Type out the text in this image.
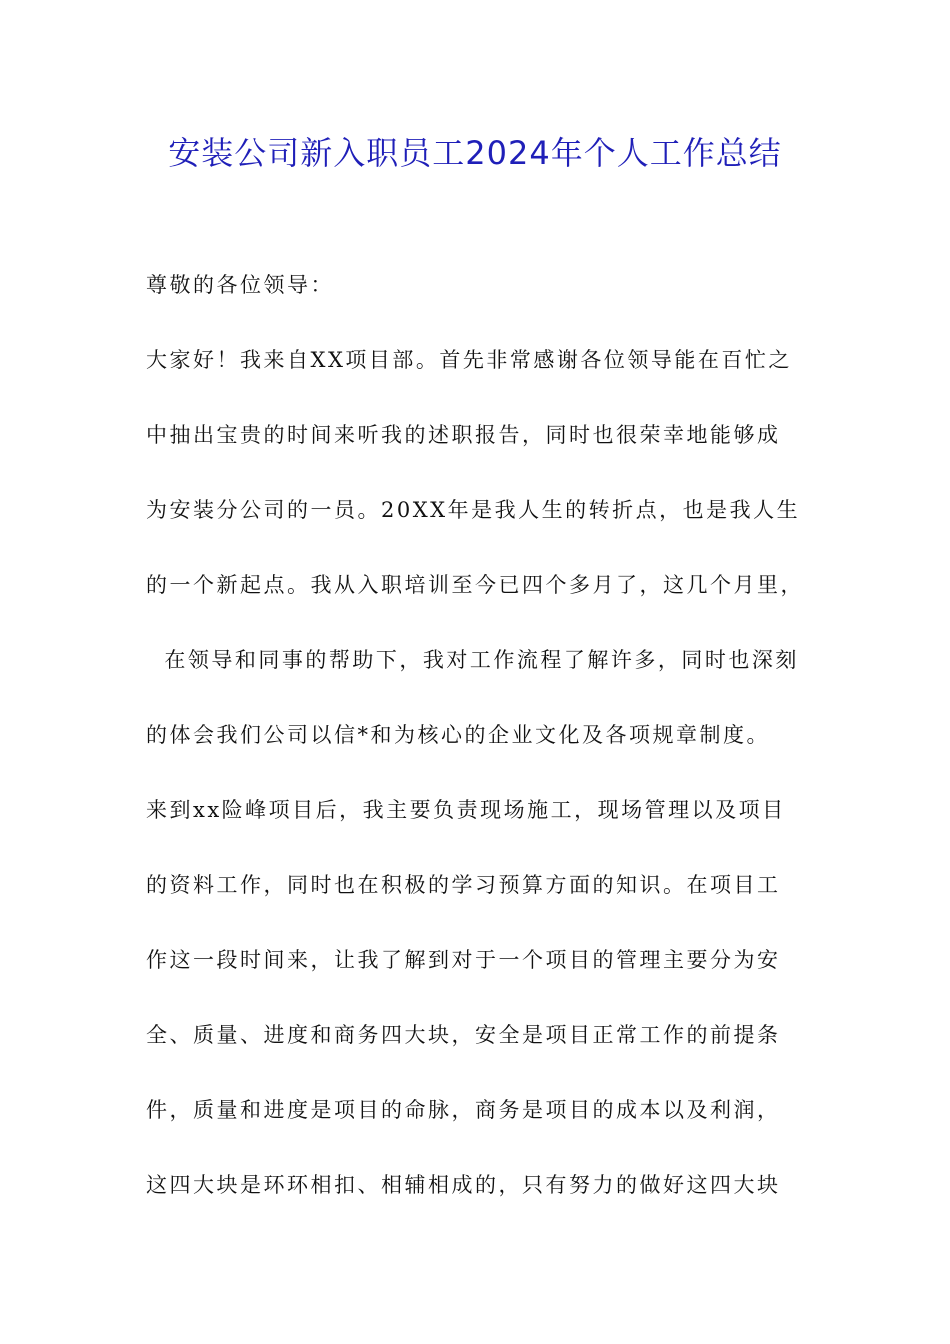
安装公司新入职员工2024年个人工作总结
尊敬的各位领导：
大家好！我来自XX项目部。首先非常感谢各位领导能在百忙之
中抽出宝贵的时间来听我的述职报告，同时也很荣幸地能够成
为安装分公司的一员。20XX年是我人生的转折点，也是我人生
的一个新起点。我从入职培训至今已四个多月了，这几个月里，
在领导和同事的帮助下，我对工作流程了解许多，同时也深刻
的体会我们公司以信*和为核心的企业文化及各项规章制度。
来到xx险峰项目后，我主要负责现场施工，现场管理以及项目
的资料工作，同时也在积极的学习预算方面的知识。在项目工
作这一段时间来，让我了解到对于一个项目的管理主要分为安
全、质量、进度和商务四大块，安全是项目正常工作的前提条
件，质量和进度是项目的命脉，商务是项目的成本以及利润，
这四大块是环环相扣、相辅相成的，只有努力的做好这四大块
